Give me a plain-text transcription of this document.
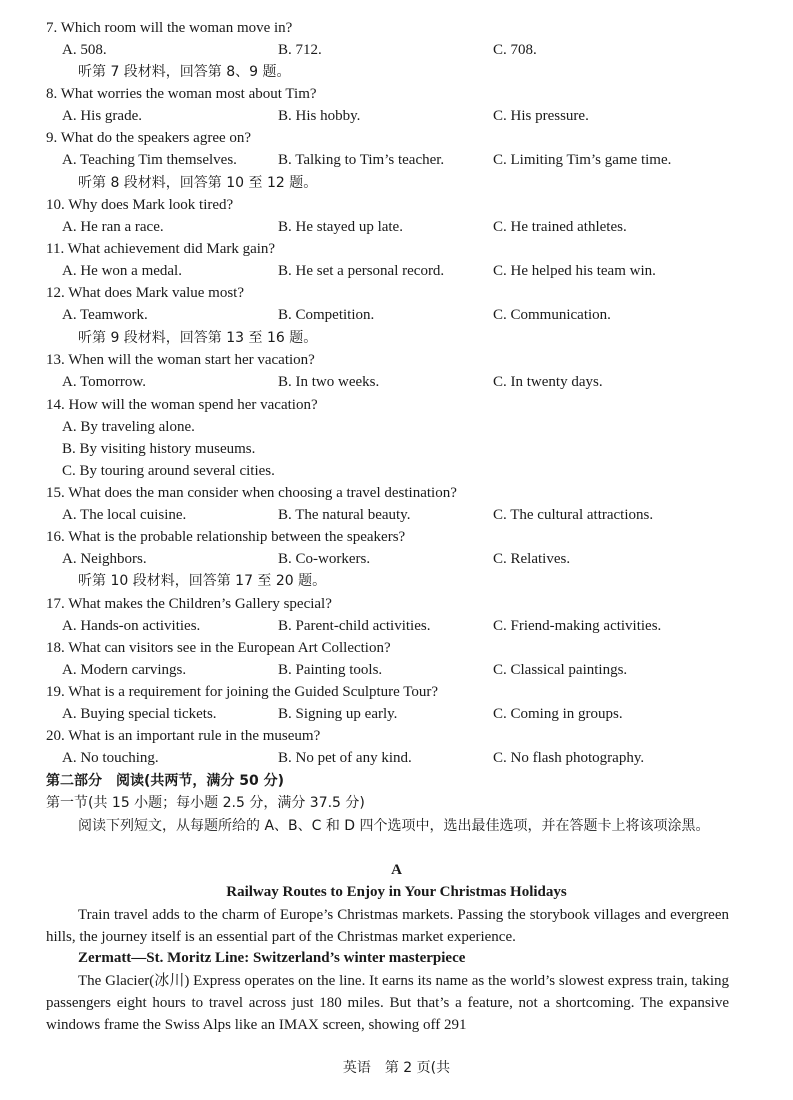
7. Which room will the woman move in?
A. 508.	B. 712.	C. 708.
听第 7 段材料，回答第 8、9 题。
8. What worries the woman most about Tim?
A. His grade.	B. His hobby.	C. His pressure.
9. What do the speakers agree on?
A. Teaching Tim themselves.	B. Talking to Tim’s teacher.	C. Limiting Tim’s game time.
听第 8 段材料，回答第 10 至 12 题。
10. Why does Mark look tired?
A. He ran a race.	B. He stayed up late.	C. He trained athletes.
11. What achievement did Mark gain?
A. He won a medal.	B. He set a personal record.	C. He helped his team win.
12. What does Mark value most?
A. Teamwork.	B. Competition.	C. Communication.
听第 9 段材料，回答第 13 至 16 题。
13. When will the woman start her vacation?
A. Tomorrow.	B. In two weeks.	C. In twenty days.
14. How will the woman spend her vacation?
A. By traveling alone.
B. By visiting history museums.
C. By touring around several cities.
15. What does the man consider when choosing a travel destination?
A. The local cuisine.	B. The natural beauty.	C. The cultural attractions.
16. What is the probable relationship between the speakers?
A. Neighbors.	B. Co-workers.	C. Relatives.
听第 10 段材料，回答第 17 至 20 题。
17. What makes the Children’s Gallery special?
A. Hands-on activities.	B. Parent-child activities.	C. Friend-making activities.
18. What can visitors see in the European Art Collection?
A. Modern carvings.	B. Painting tools.	C. Classical paintings.
19. What is a requirement for joining the Guided Sculpture Tour?
A. Buying special tickets.	B. Signing up early.	C. Coming in groups.
20. What is an important rule in the museum?
A. No touching.	B. No pet of any kind.	C. No flash photography.
第二部分　阅读(共两节，满分 50 分)
第一节(共 15 小题；每小题 2.5 分，满分 37.5 分)
阅读下列短文，从每题所给的 A、B、C 和 D 四个选项中，选出最佳选项，并在答题卡上将该项涂黑。
A
Railway Routes to Enjoy in Your Christmas Holidays
Train travel adds to the charm of Europe’s Christmas markets. Passing the storybook villages and evergreen hills, the journey itself is an essential part of the Christmas market experience.
Zermatt—St. Moritz Line: Switzerland’s winter masterpiece
The Glacier(冰川) Express operates on the line. It earns its name as the world’s slowest express train, taking passengers eight hours to travel across just 180 miles. But that’s a feature, not a shortcoming. The expansive windows frame the Swiss Alps like an IMAX screen, showing off 291
英语　第 2 页(共
